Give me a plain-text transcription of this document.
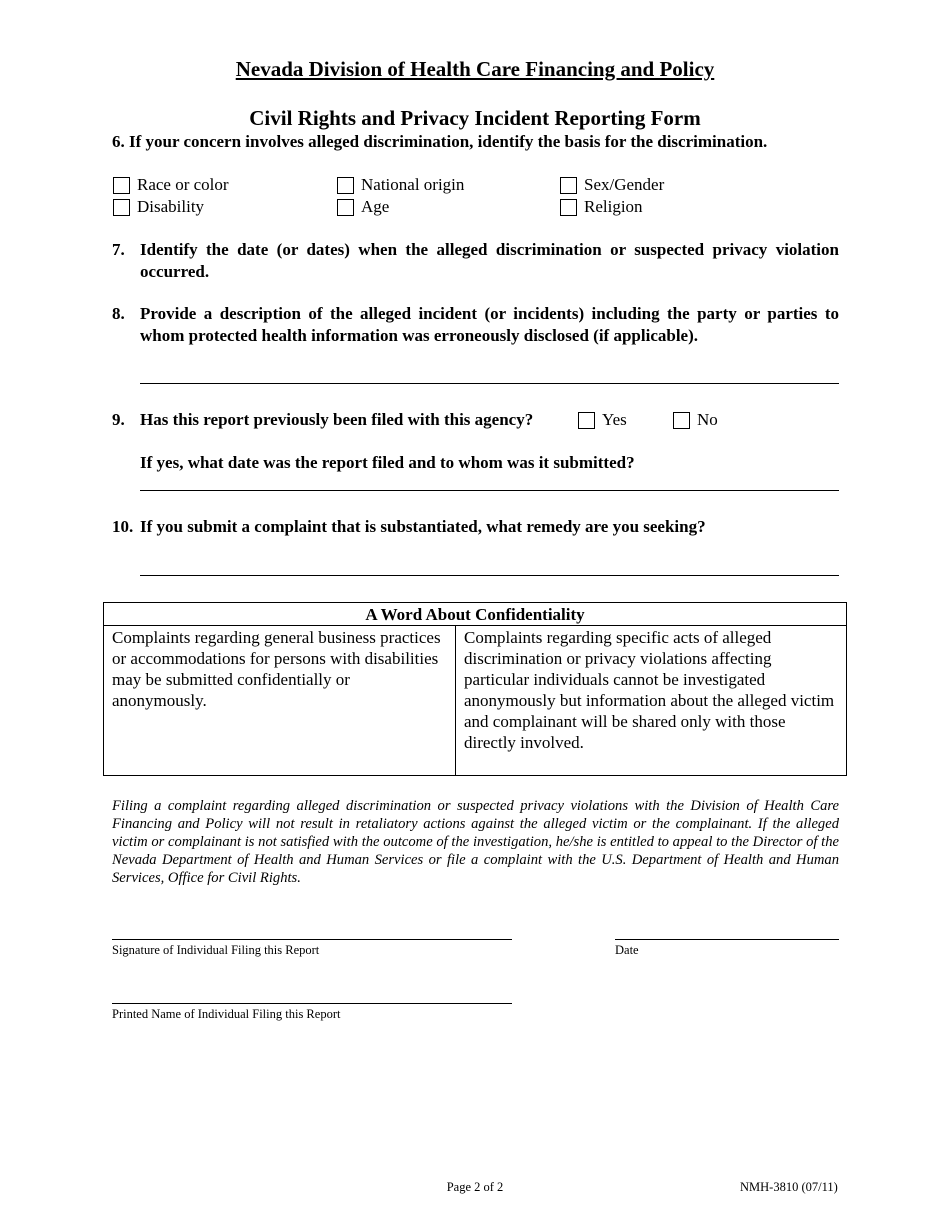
Nevada Division of Health Care Financing and Policy
Civil Rights and Privacy Incident Reporting Form
6. If your concern involves alleged discrimination, identify the basis for the discrimination.
Race or color	National origin	Sex/Gender
Disability	Age	Religion
7. Identify the date (or dates) when the alleged discrimination or suspected privacy violation occurred.
8. Provide a description of the alleged incident (or incidents) including the party or parties to whom protected health information was erroneously disclosed (if applicable).
9. Has this report previously been filed with this agency?	Yes	No
If yes, what date was the report filed and to whom was it submitted?
10. If you submit a complaint that is substantiated, what remedy are you seeking?
A Word About Confidentiality
Complaints regarding general business practices or accommodations for persons with disabilities may be submitted confidentially or anonymously.	Complaints regarding specific acts of alleged discrimination or privacy violations affecting particular individuals cannot be investigated anonymously but information about the alleged victim and complainant will be shared only with those directly involved.
Filing a complaint regarding alleged discrimination or suspected privacy violations with the Division of Health Care Financing and Policy will not result in retaliatory actions against the alleged victim or the complainant. If the alleged victim or complainant is not satisfied with the outcome of the investigation, he/she is entitled to appeal to the Director of the Nevada Department of Health and Human Services or file a complaint with the U.S. Department of Health and Human Services, Office for Civil Rights.
Signature of Individual Filing this Report	Date
Printed Name of Individual Filing this Report
Page 2 of 2	NMH-3810 (07/11)
